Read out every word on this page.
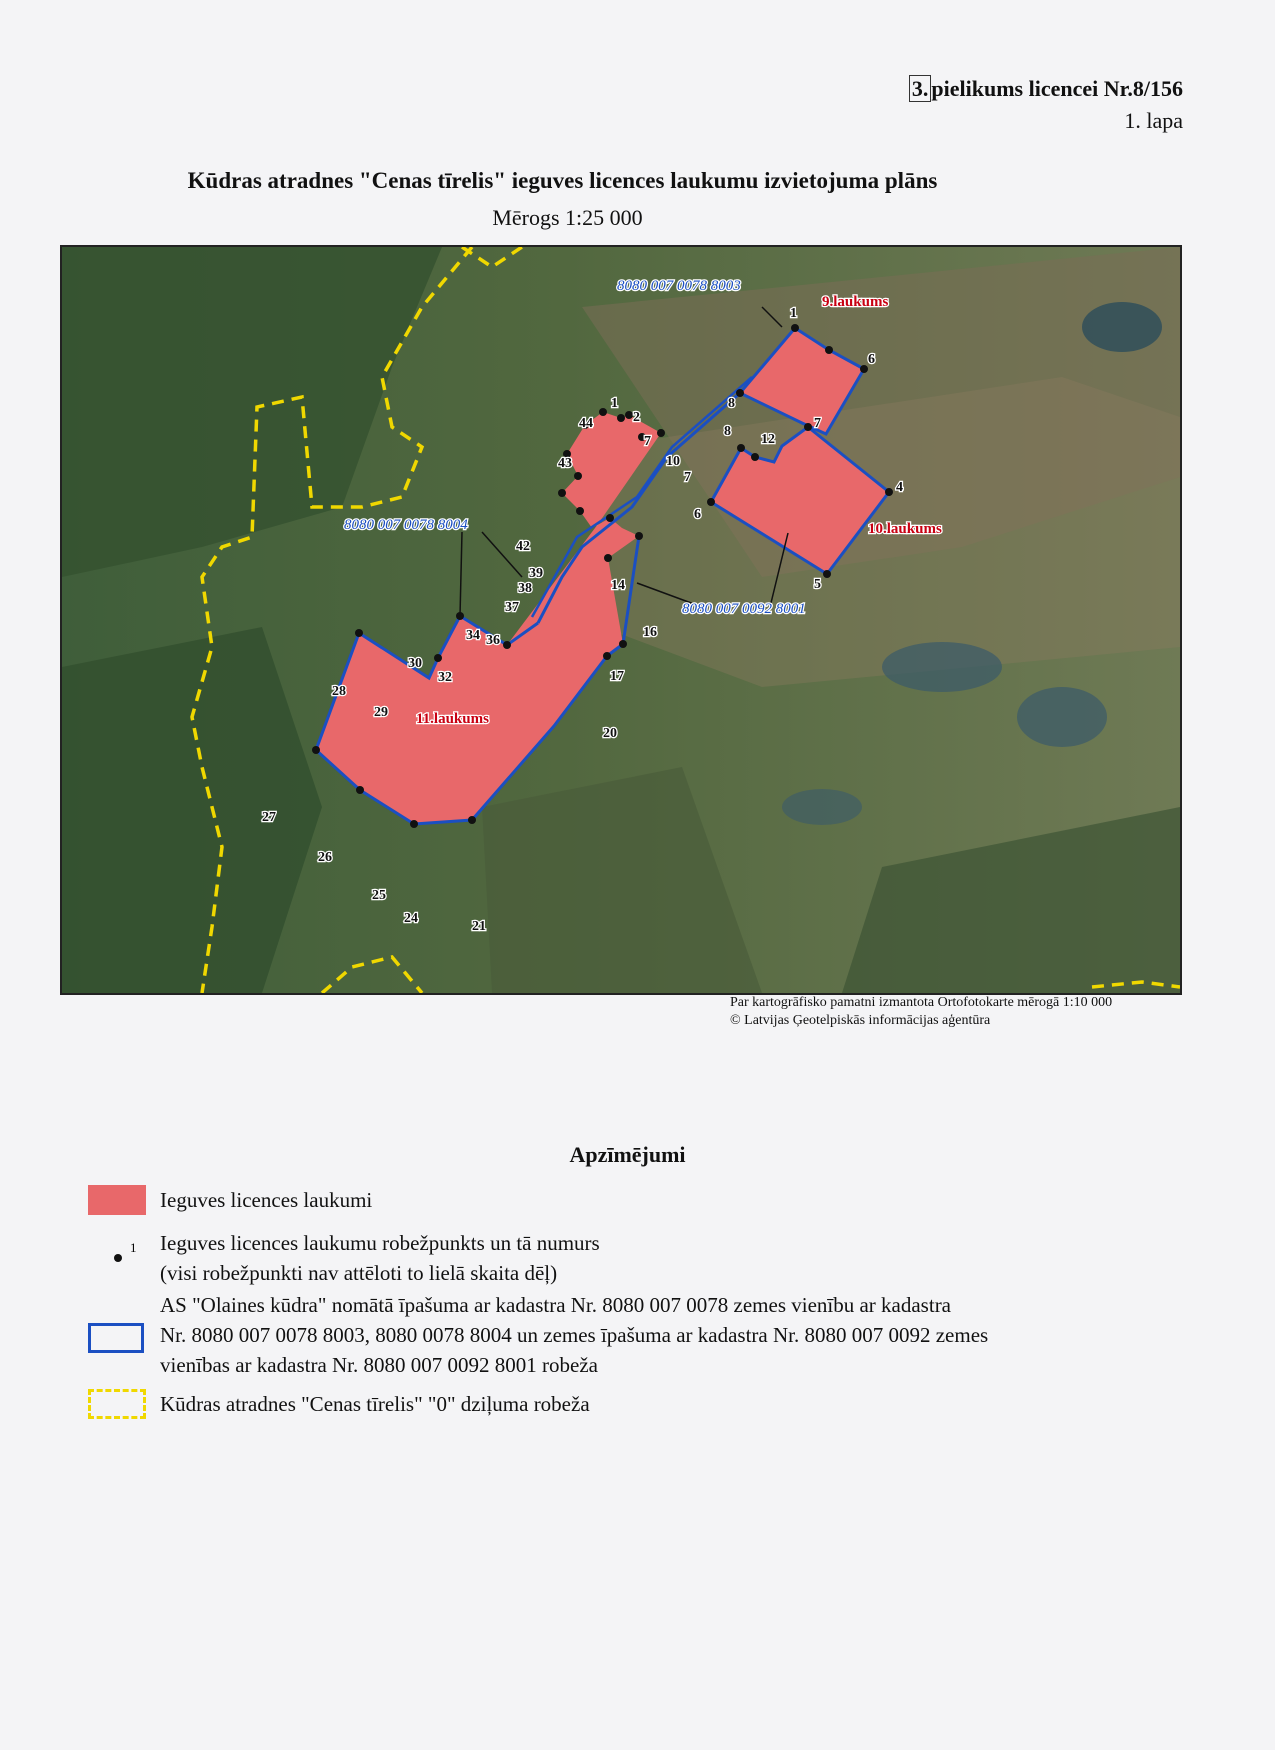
3. pielikums licencei Nr.8/156
1. lapa
Kūdras atradnes "Cenas tīrelis" ieguves licences laukumu izvietojuma plāns
Mērogs 1:25 000
9.laukums
10.laukums
11.laukums
8080 007 0078 8003
8080 007 0078 8004
8080 007 0092 8001
1
6
8
7
4
5
6
7
8
12
1
2
44
43
7
10
42
39
38
37
34 36
14
16
17
30
32
28
29
20
27
26
25
24
21
Par kartogrāfisko pamatni izmantota Ortofotokarte mērogā 1:10 000
© Latvijas Ģeotelpiskās informācijas aģentūra
Apzīmējumi
Ieguves licences laukumi
1 Ieguves licences laukumu robežpunkts un tā numurs
(visi robežpunkti nav attēloti to lielā skaita dēļ)
AS "Olaines kūdra" nomātā īpašuma ar kadastra Nr. 8080 007 0078 zemes vienību ar kadastra
Nr. 8080 007 0078 8003, 8080 0078 8004 un zemes īpašuma ar kadastra Nr. 8080 007 0092 zemes
vienības ar kadastra Nr. 8080 007 0092 8001 robeža
Kūdras atradnes "Cenas tīrelis" "0" dziļuma robeža
